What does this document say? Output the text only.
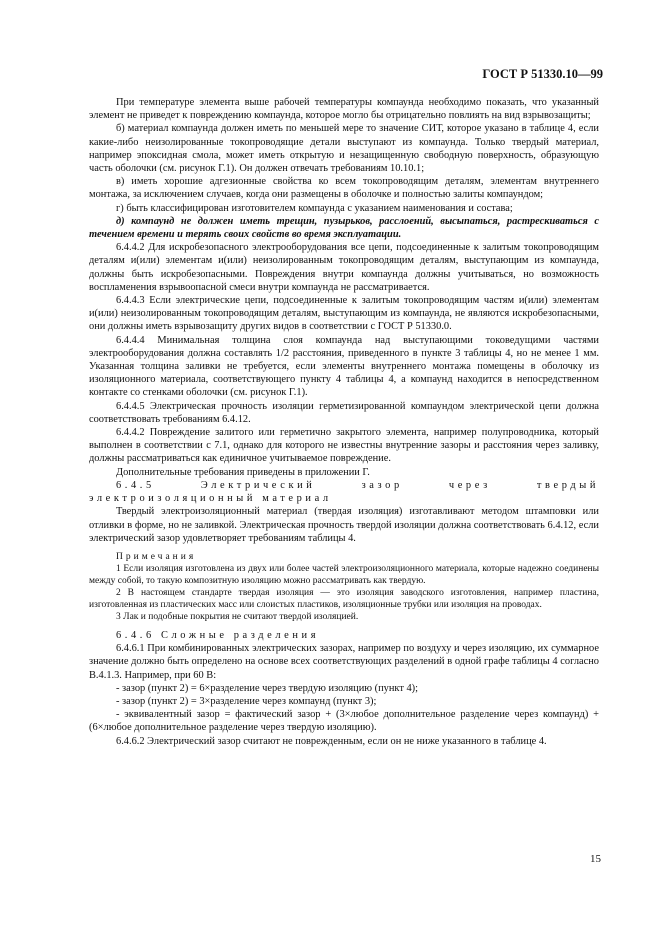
ГОСТ Р 51330.10—99

При температуре элемента выше рабочей температуры компаунда необходимо показать, что указанный элемент не приведет к повреждению компаунда, которое могло бы отрицательно повлиять на вид взрывозащиты;

б) материал компаунда должен иметь по меньшей мере то значение СИТ, которое указано в таблице 4, если какие-либо неизолированные токопроводящие детали выступают из компаунда. Только твердый материал, например эпоксидная смола, может иметь открытую и незащищенную свободную поверхность, образующую часть оболочки (см. рисунок Г.1). Он должен отвечать требованиям 10.10.1;

в) иметь хорошие адгезионные свойства ко всем токопроводящим деталям, элементам внутреннего монтажа, за исключением случаев, когда они размещены в оболочке и полностью залиты компаундом;

г) быть классифицирован изготовителем компаунда с указанием наименования и состава;

д) компаунд не должен иметь трещин, пузырьков, расслоений, высыпаться, растрескиваться с течением времени и терять своих свойств во время эксплуатации.

6.4.4.2 Для искробезопасного электрооборудования все цепи, подсоединенные к залитым токопроводящим деталям и(или) элементам и(или) неизолированным токопроводящим деталям, выступающим из компаунда, должны быть искробезопасными. Повреждения внутри компаунда должны учитываться, но возможность воспламенения взрывоопасной смеси внутри компаунда не рассматривается.

6.4.4.3 Если электрические цепи, подсоединенные к залитым токопроводящим частям и(или) элементам и(или) неизолированным токопроводящим деталям, выступающим из компаунда, не являются искробезопасными, они должны иметь взрывозащиту других видов в соответствии с ГОСТ Р 51330.0.

6.4.4.4 Минимальная толщина слоя компаунда над выступающими токоведущими частями электрооборудования должна составлять 1/2 расстояния, приведенного в пункте 3 таблицы 4, но не менее 1 мм. Указанная толщина заливки не требуется, если элементы внутреннего монтажа помещены в оболочку из изоляционного материала, соответствующего пункту 4 таблицы 4, а компаунд находится в непосредственном контакте со стенками оболочки (см. рисунок Г.1).

6.4.4.5 Электрическая прочность изоляции герметизированной компаундом электрической цепи должна соответствовать требованиям 6.4.12.

6.4.4.2 Повреждение залитого или герметично закрытого элемента, например полупроводника, который выполнен в соответствии с 7.1, однако для которого не известны внутренние зазоры и расстояния через заливку, должны рассматриваться как единичное учитываемое повреждение.

Дополнительные требования приведены в приложении Г.

6.4.5 Электрический зазор через твердый электроизоляционный материал

Твердый электроизоляционный материал (твердая изоляция) изготавливают методом штамповки или отливки в форме, но не заливкой. Электрическая прочность твердой изоляции должна соответствовать 6.4.12, если электрический зазор удовлетворяет требованиям таблицы 4.

Примечания

1 Если изоляция изготовлена из двух или более частей электроизоляционного материала, которые надежно соединены между собой, то такую композитную изоляцию можно рассматривать как твердую.

2 В настоящем стандарте твердая изоляция — это изоляция заводского изготовления, например пластина, изготовленная из пластических масс или слоистых пластиков, изоляционные трубки или изоляция на проводах.

3 Лак и подобные покрытия не считают твердой изоляцией.

6.4.6 Сложные разделения

6.4.6.1 При комбинированных электрических зазорах, например по воздуху и через изоляцию, их суммарное значение должно быть определено на основе всех соответствующих разделений в одной графе таблицы 4 согласно В.4.1.3. Например, при 60 В:

- зазор (пункт 2) = 6×разделение через твердую изоляцию (пункт 4);

- зазор (пункт 2) = 3×разделение через компаунд (пункт 3);

- эквивалентный зазор = фактический зазор + (3×любое дополнительное разделение через компаунд) + (6×любое дополнительное разделение через твердую изоляцию).

6.4.6.2 Электрический зазор считают не поврежденным, если он не ниже указанного в таблице 4.

15
